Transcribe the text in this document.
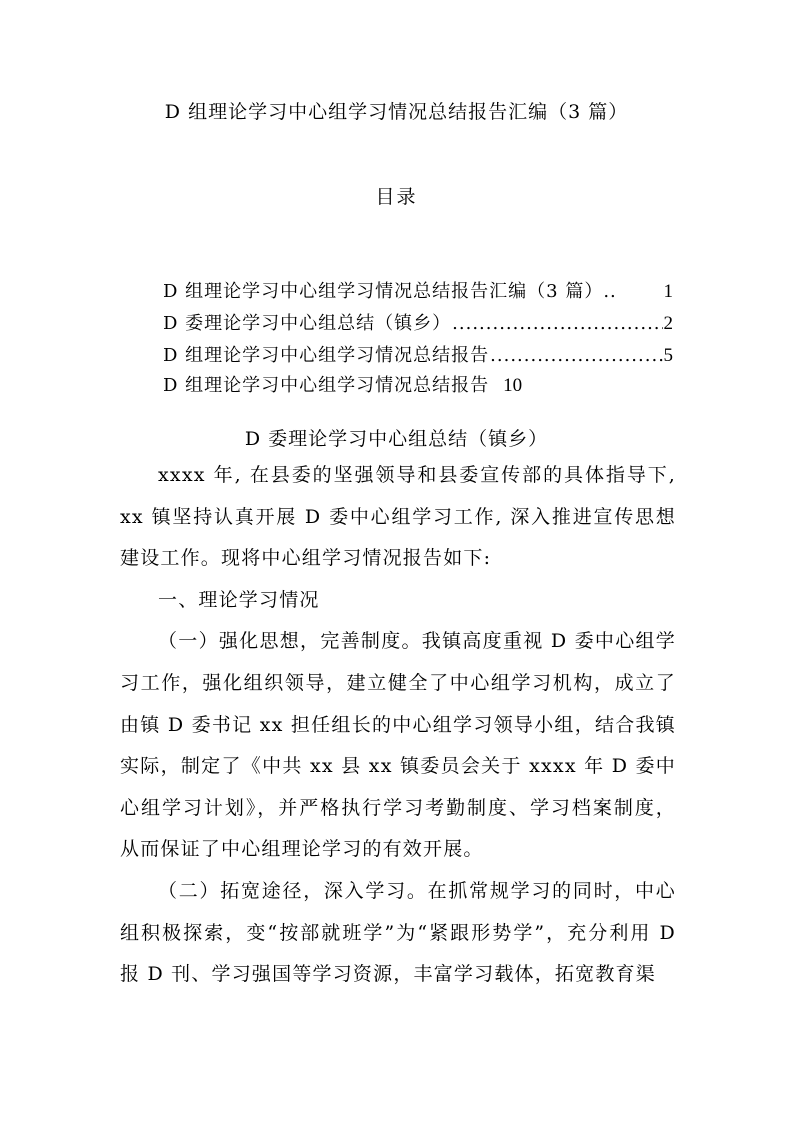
D 组理论学习中心组学习情况总结报告汇编（3 篇）
目录
D 组理论学习中心组学习情况总结报告汇编（3 篇）.. 1
D 委理论学习中心组总结（镇乡） .....	2
D 组理论学习中心组学习情况总结报告 .....	5
D 组理论学习中心组学习情况总结报告 10
D 委理论学习中心组总结（镇乡）

xxxx 年, 在县委的坚强领导和县委宣传部的具体指导下, xx 镇坚持认真开展 D 委中心组学习工作, 深入推进宣传思想建设工作。现将中心组学习情况报告如下:

一、理论学习情况

（一）强化思想，完善制度。我镇高度重视 D 委中心组学习工作，强化组织领导，建立健全了中心组学习机构，成立了由镇 D 委书记 xx 担任组长的中心组学习领导小组，结合我镇实际，制定了《中共 xx 县 xx 镇委员会关于 xxxx 年 D 委中心组学习计划》，并严格执行学习考勤制度、学习档案制度，从而保证了中心组理论学习的有效开展。

（二）拓宽途径，深入学习。在抓常规学习的同时，中心组积极探索，变“按部就班学”为“紧跟形势学”，充分利用 D 报 D 刊、学习强国等学习资源，丰富学习载体，拓宽教育渠
